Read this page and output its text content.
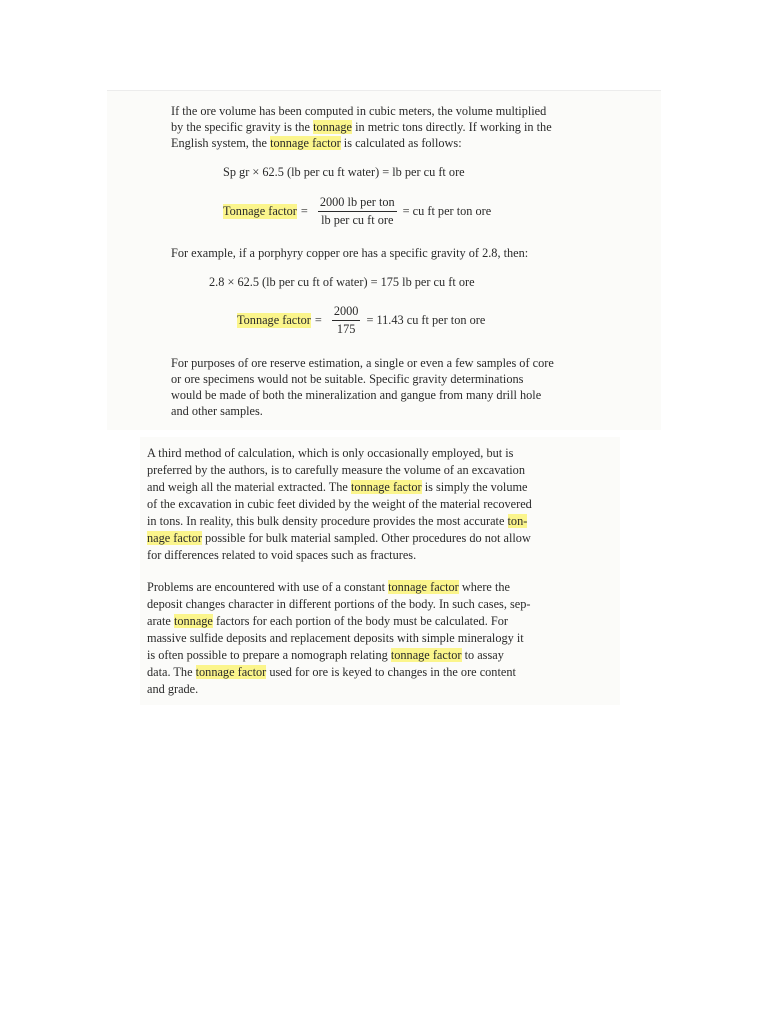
If the ore volume has been computed in cubic meters, the volume multiplied
by the specific gravity is the tonnage in metric tons directly. If working in the
English system, the tonnage factor is calculated as follows:

Sp gr × 62.5 (lb per cu ft water) = lb per cu ft ore
Tonnage factor = $\frac{\text{2000 lb per ton}}{\text{lb per cu ft ore}}$ = cu ft per ton ore

For example, if a porphyry copper ore has a specific gravity of 2.8, then:

2.8 × 62.5 (lb per cu ft of water) = 175 lb per cu ft ore
Tonnage factor = $\frac{2000}{175} = 11.43$ cu ft per ton ore

For purposes of ore reserve estimation, a single or even a few samples of core
or ore specimens would not be suitable. Specific gravity determinations
would be made of both the mineralization and gangue from many drill hole
and other samples.

A third method of calculation, which is only occasionally employed, but is
preferred by the authors, is to carefully measure the volume of an excavation
and weigh all the material extracted. The tonnage factor is simply the volume
of the excavation in cubic feet divided by the weight of the material recovered
in tons. In reality, this bulk density procedure provides the most accurate ton-
nage factor possible for bulk material sampled. Other procedures do not allow
for differences related to void spaces such as fractures.

Problems are encountered with use of a constant tonnage factor where the
deposit changes character in different portions of the body. In such cases, sep-
arate tonnage factors for each portion of the body must be calculated. For
massive sulfide deposits and replacement deposits with simple mineralogy it
is often possible to prepare a nomograph relating tonnage factor to assay
data. The tonnage factor used for ore is keyed to changes in the ore content
and grade.
